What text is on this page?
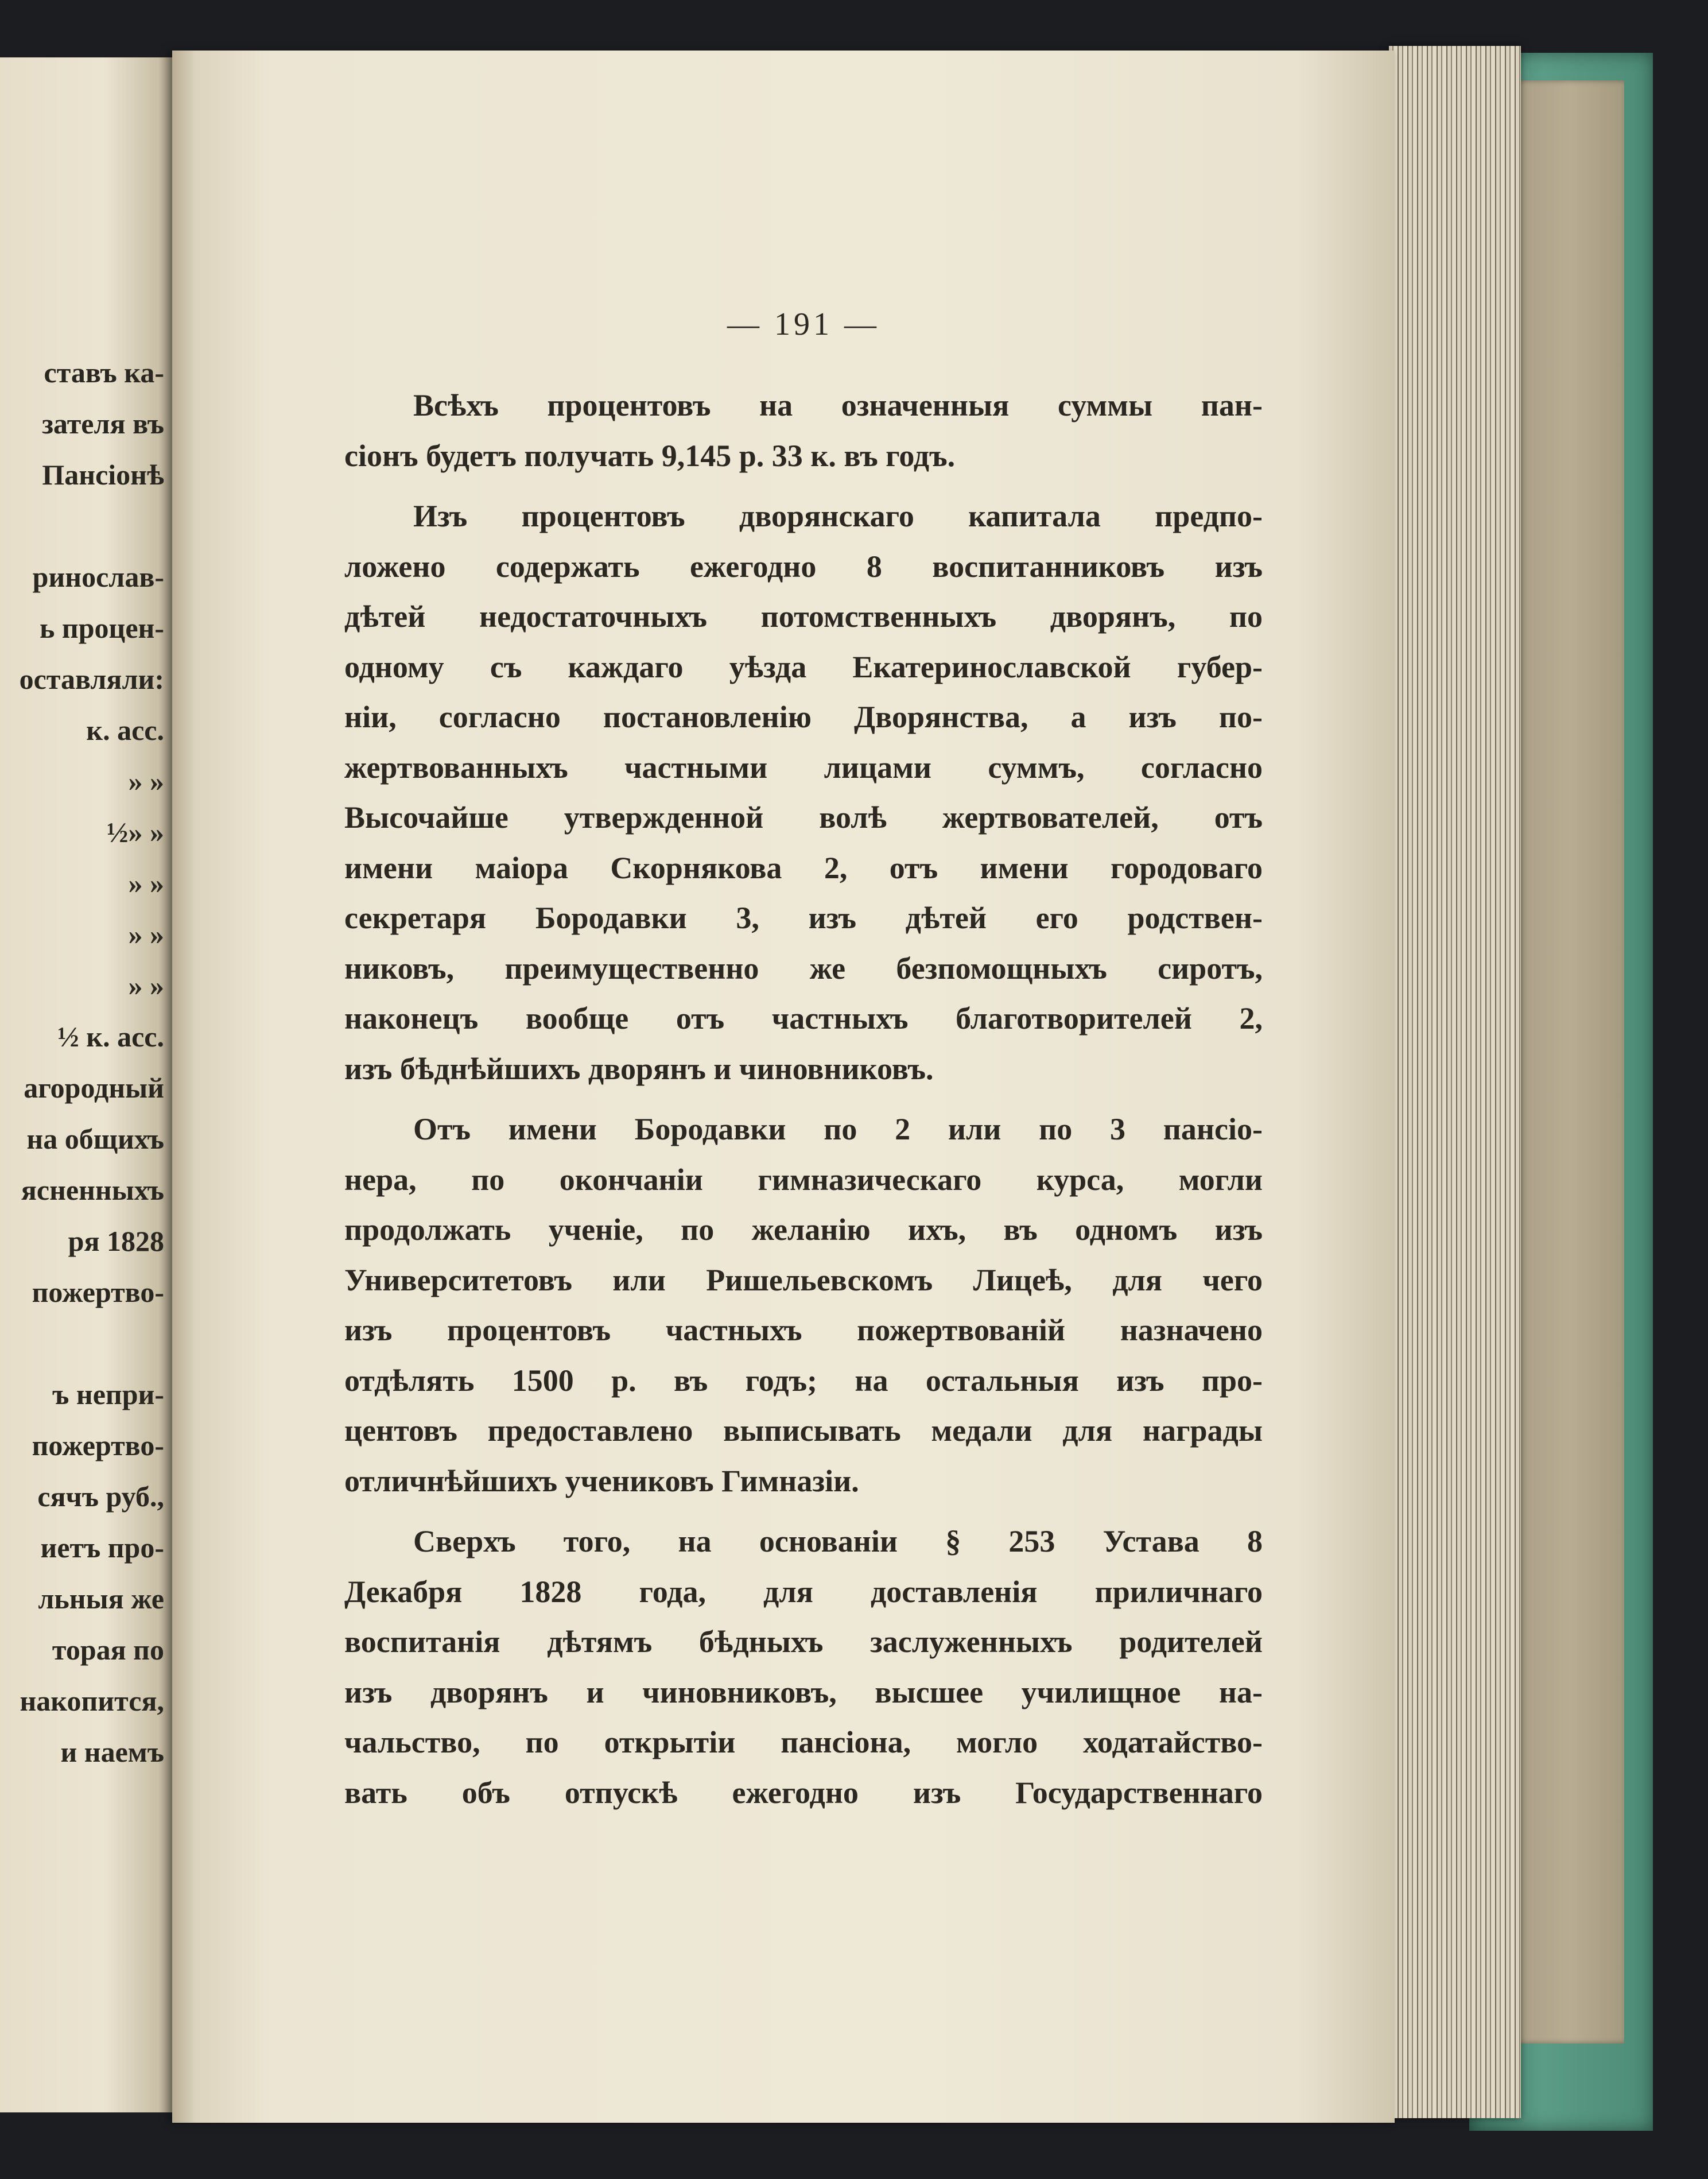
ставъ ка-
зателя въ
Пансіонѣ
ринослав-
ь процен-
оставляли:
к. асс.
» »
½» »
» »
» »
» »
½ к. асс.
агородный
на общихъ
ясненныхъ
ря 1828
пожертво-
ъ непри-
пожертво-
сячъ руб.,
иетъ про-
льныя же
торая по
накопится,
и наемъ
— 191 —
Всѣхъ процентовъ на означенныя суммы пан-
сіонъ будетъ получать 9,145 р. 33 к. въ годъ.
Изъ процентовъ дворянскаго капитала предпо-
ложено содержать ежегодно 8 воспитанниковъ изъ
дѣтей недостаточныхъ потомственныхъ дворянъ, по
одному съ каждаго уѣзда Екатеринославской губер-
ніи, согласно постановленію Дворянства, а изъ по-
жертвованныхъ частными лицами суммъ, согласно
Высочайше утвержденной волѣ жертвователей, отъ
имени маіора Скорнякова 2, отъ имени городоваго
секретаря Бородавки 3, изъ дѣтей его родствен-
никовъ, преимущественно же безпомощныхъ сиротъ,
наконецъ вообще отъ частныхъ благотворителей 2,
изъ бѣднѣйшихъ дворянъ и чиновниковъ.
Отъ имени Бородавки по 2 или по 3 пансіо-
нера, по окончаніи гимназическаго курса, могли
продолжать ученіе, по желанію ихъ, въ одномъ изъ
Университетовъ или Ришельевскомъ Лицеѣ, для чего
изъ процентовъ частныхъ пожертвованій назначено
отдѣлять 1500 р. въ годъ; на остальныя изъ про-
центовъ предоставлено выписывать медали для награды
отличнѣйшихъ учениковъ Гимназіи.
Сверхъ того, на основаніи § 253 Устава 8
Декабря 1828 года, для доставленія приличнаго
воспитанія дѣтямъ бѣдныхъ заслуженныхъ родителей
изъ дворянъ и чиновниковъ, высшее училищное на-
чальство, по открытіи пансіона, могло ходатайство-
вать объ отпускѣ ежегодно изъ Государственнаго
